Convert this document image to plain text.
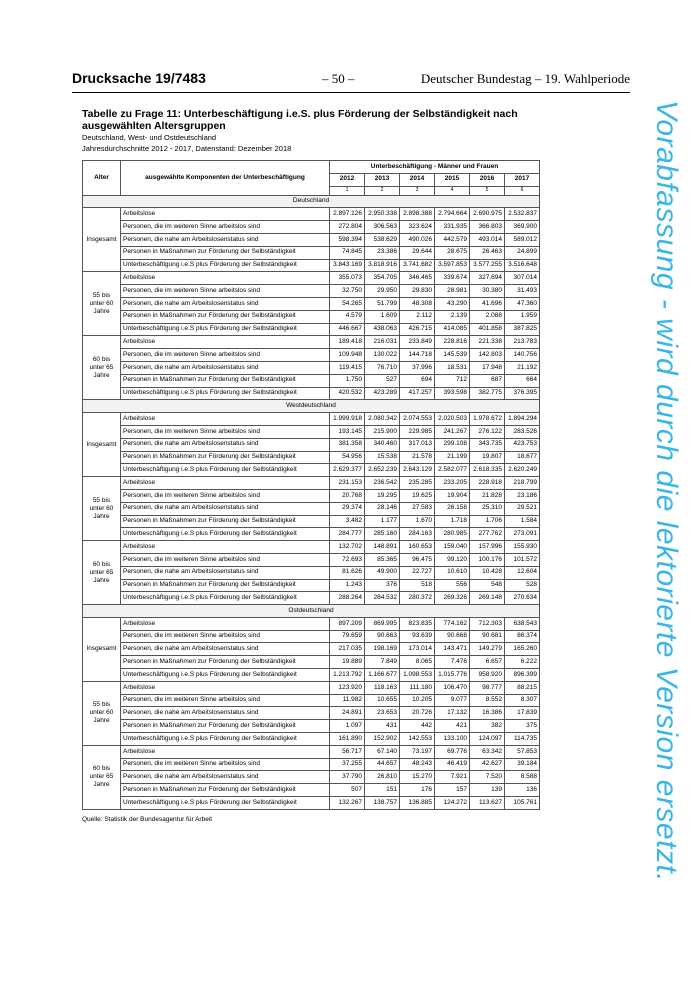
Drucksache 19/7483	– 50 –	Deutscher Bundestag – 19. Wahlperiode

Tabelle zu Frage 11: Unterbeschäftigung i.e.S. plus Förderung der Selbständigkeit nach ausgewählten Altersgruppen

Deutschland, West- und Ostdeutschland

Jahresdurchschnitte 2012 - 2017, Datenstand: Dezember 2018

Alter	ausgewählte Komponenten der Unterbeschäftigung	Unterbeschäftigung - Männer und Frauen					
		2012	2013	2014	2015	2016	2017
		1	2	3	4	5	6
Deutschland							
Insgesamt	Arbeitslose	2.897.126	2.950.338	2.898.388	2.794.664	2.690.975	2.532.837
	Personen, die im weiteren Sinne arbeitslos sind	272.804	306.563	323.624	331.935	366.803	369.900
	Personen, die nahe am Arbeitslosenstatus sind	598.394	538.629	490.026	442.579	493.014	589.012
	Personen in Maßnahmen zur Förderung der Selbständigkeit	74.845	23.386	29.644	28.675	26.463	24.899
	Unterbeschäftigung i.e.S plus Förderung der Selbständigkeit	3.843.169	3.818.916	3.741.682	3.597.853	3.577.255	3.516.648
55 bis unter 60 Jahre	Arbeitslose	355.073	354.705	346.465	339.674	327.694	307.014
	Personen, die im weiteren Sinne arbeitslos sind	32.750	29.950	29.830	28.981	30.380	31.493
	Personen, die nahe am Arbeitslosenstatus sind	54.265	51.799	48.308	43.290	41.696	47.360
	Personen in Maßnahmen zur Förderung der Selbständigkeit	4.579	1.609	2.112	2.139	2.088	1.959
	Unterbeschäftigung i.e.S plus Förderung der Selbständigkeit	446.667	438.063	426.715	414.085	401.858	387.825
60 bis unter 65 Jahre	Arbeitslose	189.418	216.031	233.849	228.816	221.338	213.783
	Personen, die im weiteren Sinne arbeitslos sind	109.948	130.022	144.718	145.539	142.803	140.756
	Personen, die nahe am Arbeitslosenstatus sind	119.415	76.710	37.996	18.531	17.948	21.192
	Personen in Maßnahmen zur Förderung der Selbständigkeit	1.750	527	694	712	687	664
	Unterbeschäftigung i.e.S plus Förderung der Selbständigkeit	420.532	423.289	417.257	393.598	382.775	376.395
Westdeutschland							
Insgesamt	Arbeitslose	1.999.918	2.080.342	2.074.553	2.020.503	1.978.672	1.894.294
	Personen, die im weiteren Sinne arbeitslos sind	193.145	215.900	229.985	241.267	276.122	283.526
	Personen, die nahe am Arbeitslosenstatus sind	381.358	340.460	317.013	299.108	343.735	423.753
	Personen in Maßnahmen zur Förderung der Selbständigkeit	54.956	15.538	21.578	21.199	19.807	18.677
	Unterbeschäftigung i.e.S plus Förderung der Selbständigkeit	2.629.377	2.652.239	2.643.129	2.582.077	2.618.335	2.620.249
55 bis unter 60 Jahre	Arbeitslose	231.153	236.542	235.285	233.205	228.918	218.799
	Personen, die im weiteren Sinne arbeitslos sind	20.768	19.295	19.625	19.904	21.828	23.186
	Personen, die nahe am Arbeitslosenstatus sind	29.374	28.146	27.583	26.158	25.310	29.521
	Personen in Maßnahmen zur Förderung der Selbständigkeit	3.482	1.177	1.670	1.718	1.706	1.584
	Unterbeschäftigung i.e.S plus Förderung der Selbständigkeit	284.777	285.160	284.163	280.985	277.762	273.091
60 bis unter 65 Jahre	Arbeitslose	132.702	148.891	160.653	159.040	157.996	155.930
	Personen, die im weiteren Sinne arbeitslos sind	72.693	85.365	96.475	99.120	100.176	101.572
	Personen, die nahe am Arbeitslosenstatus sind	81.626	49.900	22.727	10.610	10.428	12.604
	Personen in Maßnahmen zur Förderung der Selbständigkeit	1.243	376	518	556	548	528
	Unterbeschäftigung i.e.S plus Förderung der Selbständigkeit	288.264	284.532	280.372	269.326	269.148	270.634
Ostdeutschland							
Insgesamt	Arbeitslose	897.209	869.995	823.835	774.162	712.303	638.543
	Personen, die im weiteren Sinne arbeitslos sind	79.659	90.663	93.639	90.668	90.681	86.374
	Personen, die nahe am Arbeitslosenstatus sind	217.035	198.169	173.014	143.471	149.279	165.260
	Personen in Maßnahmen zur Förderung der Selbständigkeit	19.889	7.849	8.065	7.476	6.657	6.222
	Unterbeschäftigung i.e.S plus Förderung der Selbständigkeit	1.213.792	1.166.677	1.098.553	1.015.776	958.920	896.399
55 bis unter 60 Jahre	Arbeitslose	123.920	118.163	111.180	106.470	98.777	88.215
	Personen, die im weiteren Sinne arbeitslos sind	11.982	10.655	10.205	9.077	8.552	8.307
	Personen, die nahe am Arbeitslosenstatus sind	24.891	23.653	20.726	17.132	16.386	17.839
	Personen in Maßnahmen zur Förderung der Selbständigkeit	1.097	431	442	421	382	375
	Unterbeschäftigung i.e.S plus Förderung der Selbständigkeit	161.890	152.902	142.553	133.100	124.097	114.735
60 bis unter 65 Jahre	Arbeitslose	56.717	67.140	73.197	69.776	63.342	57.853
	Personen, die im weiteren Sinne arbeitslos sind	37.255	44.657	48.243	46.419	42.627	39.184
	Personen, die nahe am Arbeitslosenstatus sind	37.790	26.810	15.270	7.921	7.520	8.588
	Personen in Maßnahmen zur Förderung der Selbständigkeit	507	151	176	157	139	136
	Unterbeschäftigung i.e.S plus Förderung der Selbständigkeit	132.267	138.757	136.885	124.272	113.627	105.761
Quelle: Statistik der Bundesagentur für Arbeit	Vorabfassung - wird durch die lektorierte Version ersetzt.
